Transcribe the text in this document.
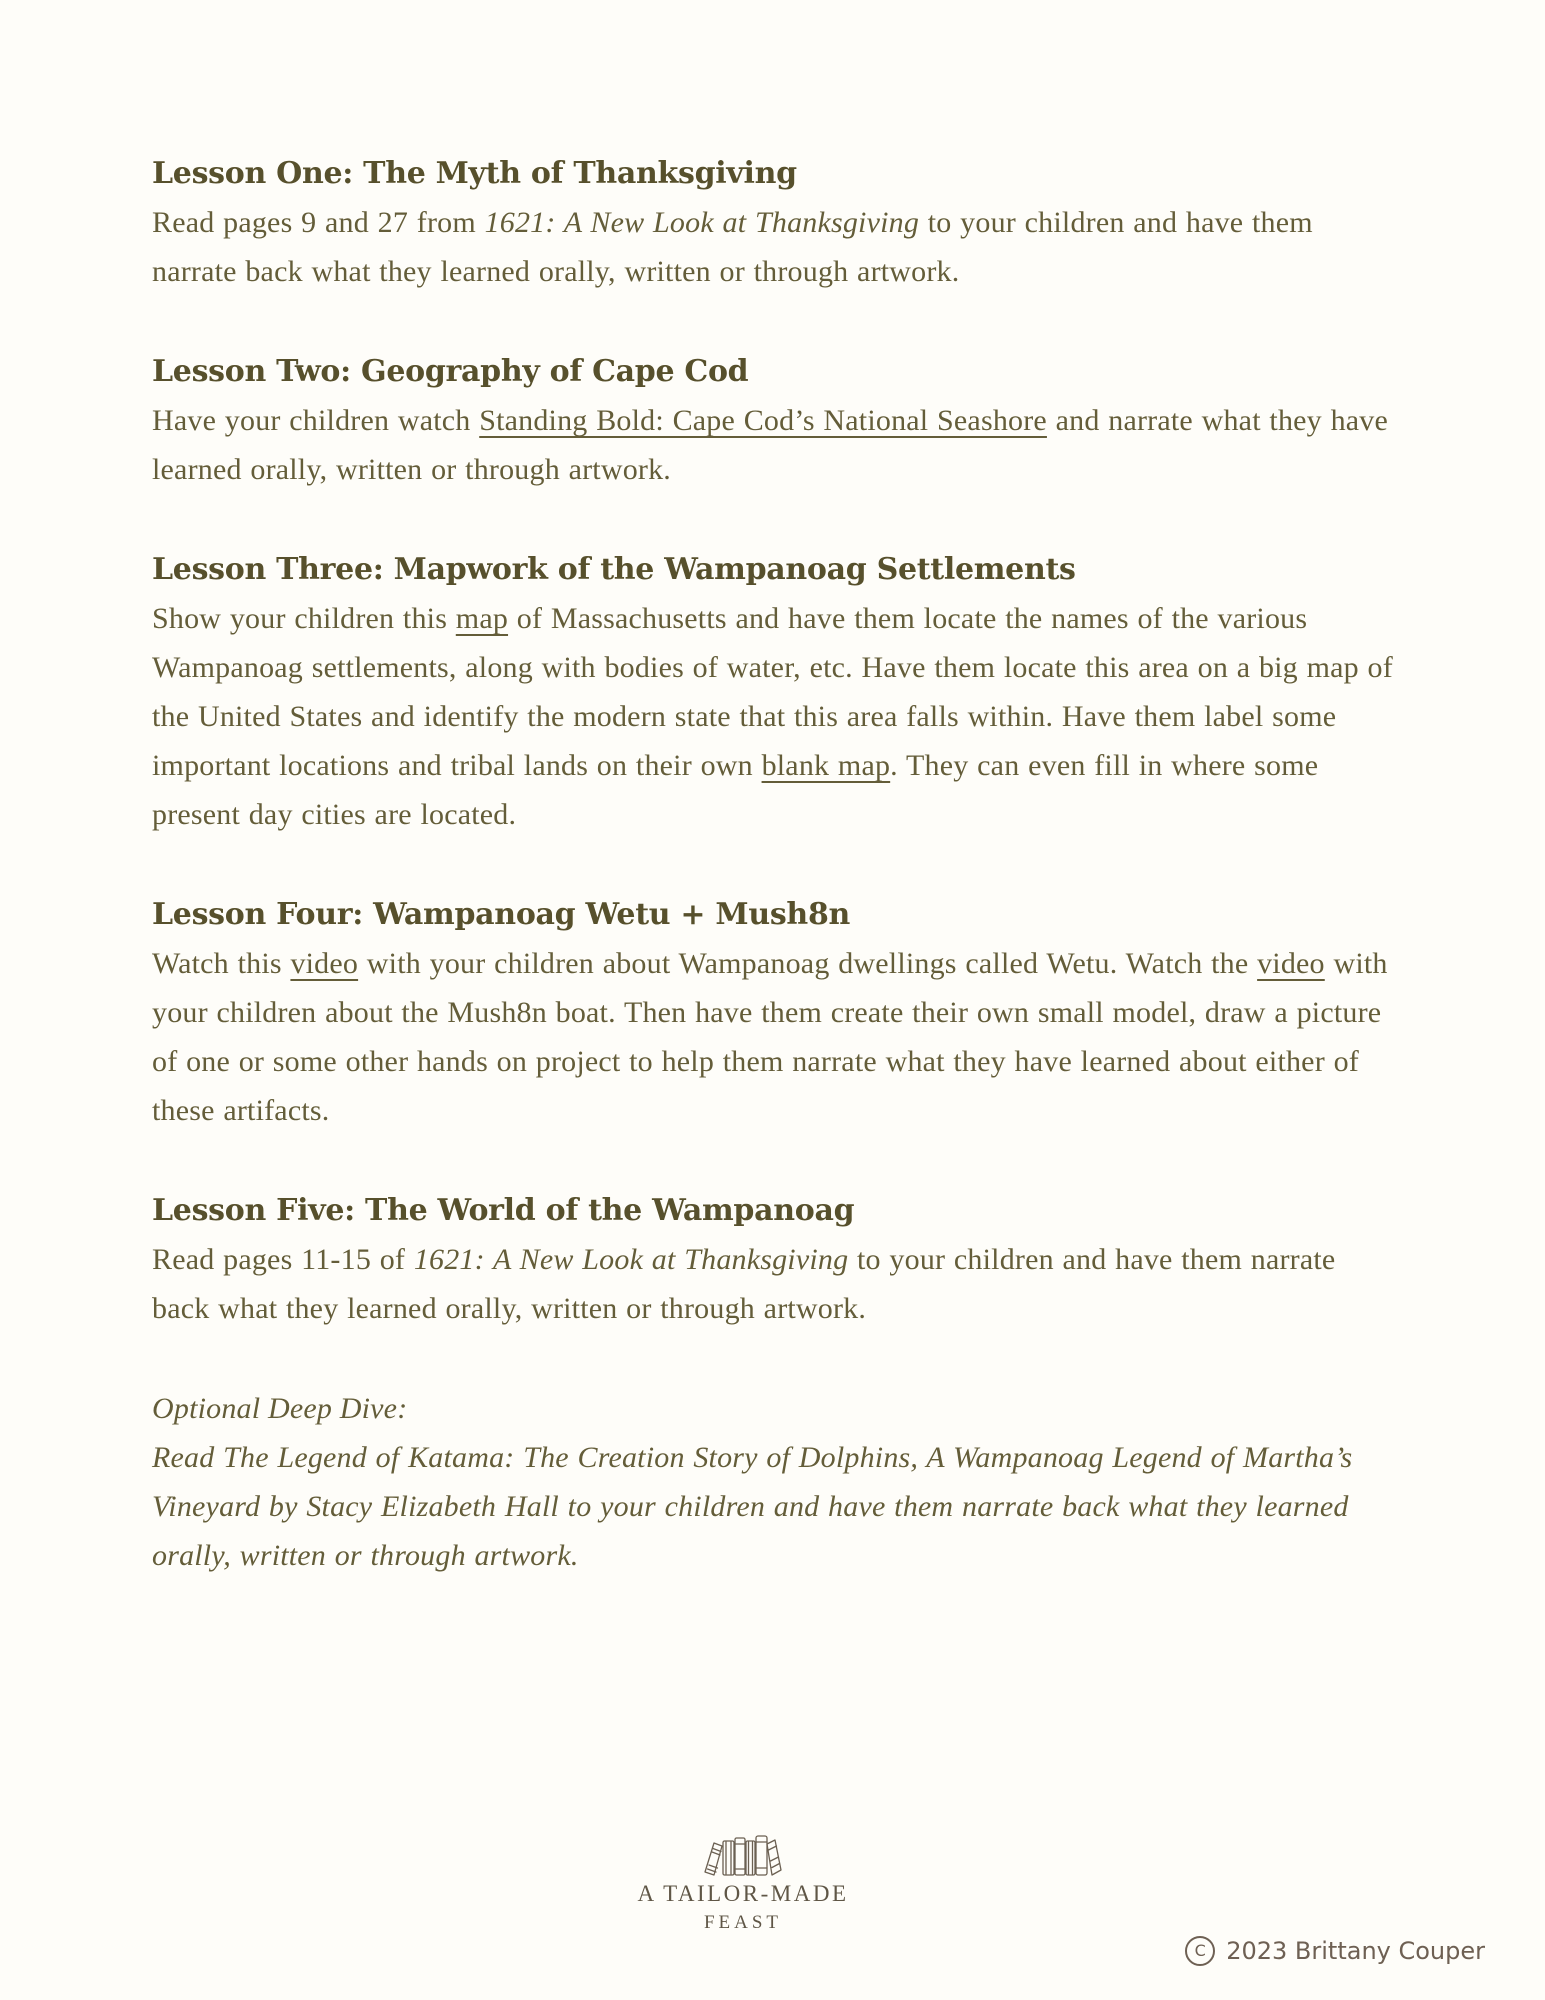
Lesson One: The Myth of Thanksgiving

Read pages 9 and 27 from 1621: A New Look at Thanksgiving to your children and have them narrate back what they learned orally, written or through artwork.

Lesson Two: Geography of Cape Cod

Have your children watch Standing Bold: Cape Cod’s National Seashore and narrate what they have learned orally, written or through artwork.

Lesson Three: Mapwork of the Wampanoag Settlements

Show your children this map of Massachusetts and have them locate the names of the various Wampanoag settlements, along with bodies of water, etc. Have them locate this area on a big map of the United States and identify the modern state that this area falls within. Have them label some important locations and tribal lands on their own blank map. They can even fill in where some present day cities are located.

Lesson Four: Wampanoag Wetu + Mush8n

Watch this video with your children about Wampanoag dwellings called Wetu. Watch the video with your children about the Mush8n boat. Then have them create their own small model, draw a picture of one or some other hands on project to help them narrate what they have learned about either of these artifacts.

Lesson Five: The World of the Wampanoag

Read pages 11-15 of 1621: A New Look at Thanksgiving to your children and have them narrate back what they learned orally, written or through artwork.

Optional Deep Dive:

Read The Legend of Katama: The Creation Story of Dolphins, A Wampanoag Legend of Martha’s Vineyard by Stacy Elizabeth Hall to your children and have them narrate back what they learned orally, written or through artwork.

A TAILOR-MADE
FEAST
C 2023 Brittany Couper
